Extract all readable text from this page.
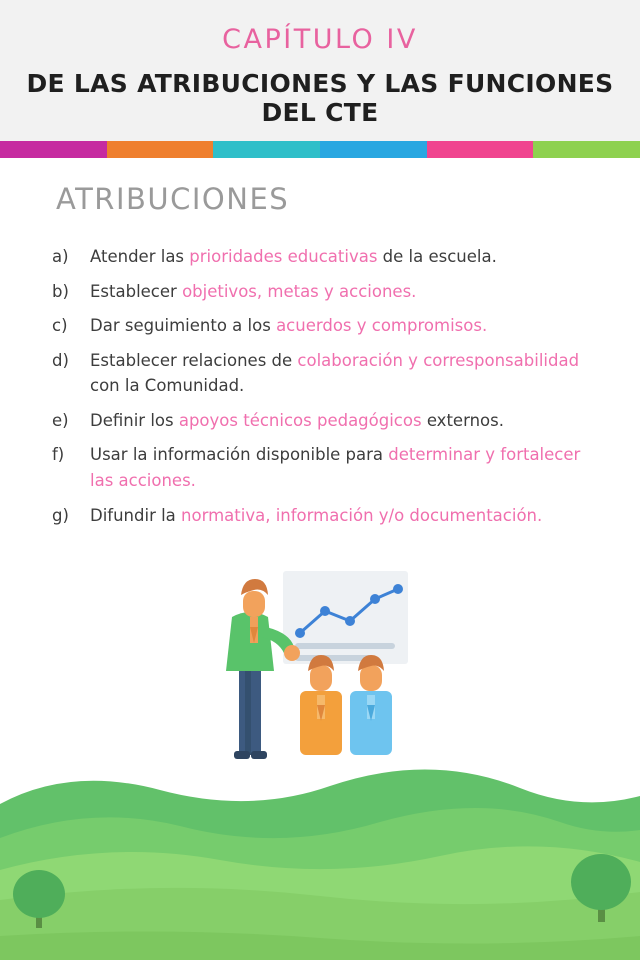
CAPÍTULO IV
DE LAS ATRIBUCIONES Y LAS FUNCIONES DEL CTE
ATRIBUCIONES
a)	Atender las prioridades educativas de la escuela.
b)	Establecer objetivos, metas y acciones.
c)	Dar seguimiento a los acuerdos y compromisos.
d)	Establecer relaciones de colaboración y corresponsabilidad con la Comunidad.
e)	Definir los apoyos técnicos pedagógicos externos.
f)	Usar la información disponible para determinar y fortalecer las acciones.
g)	Difundir la normativa, información y/o documentación.
